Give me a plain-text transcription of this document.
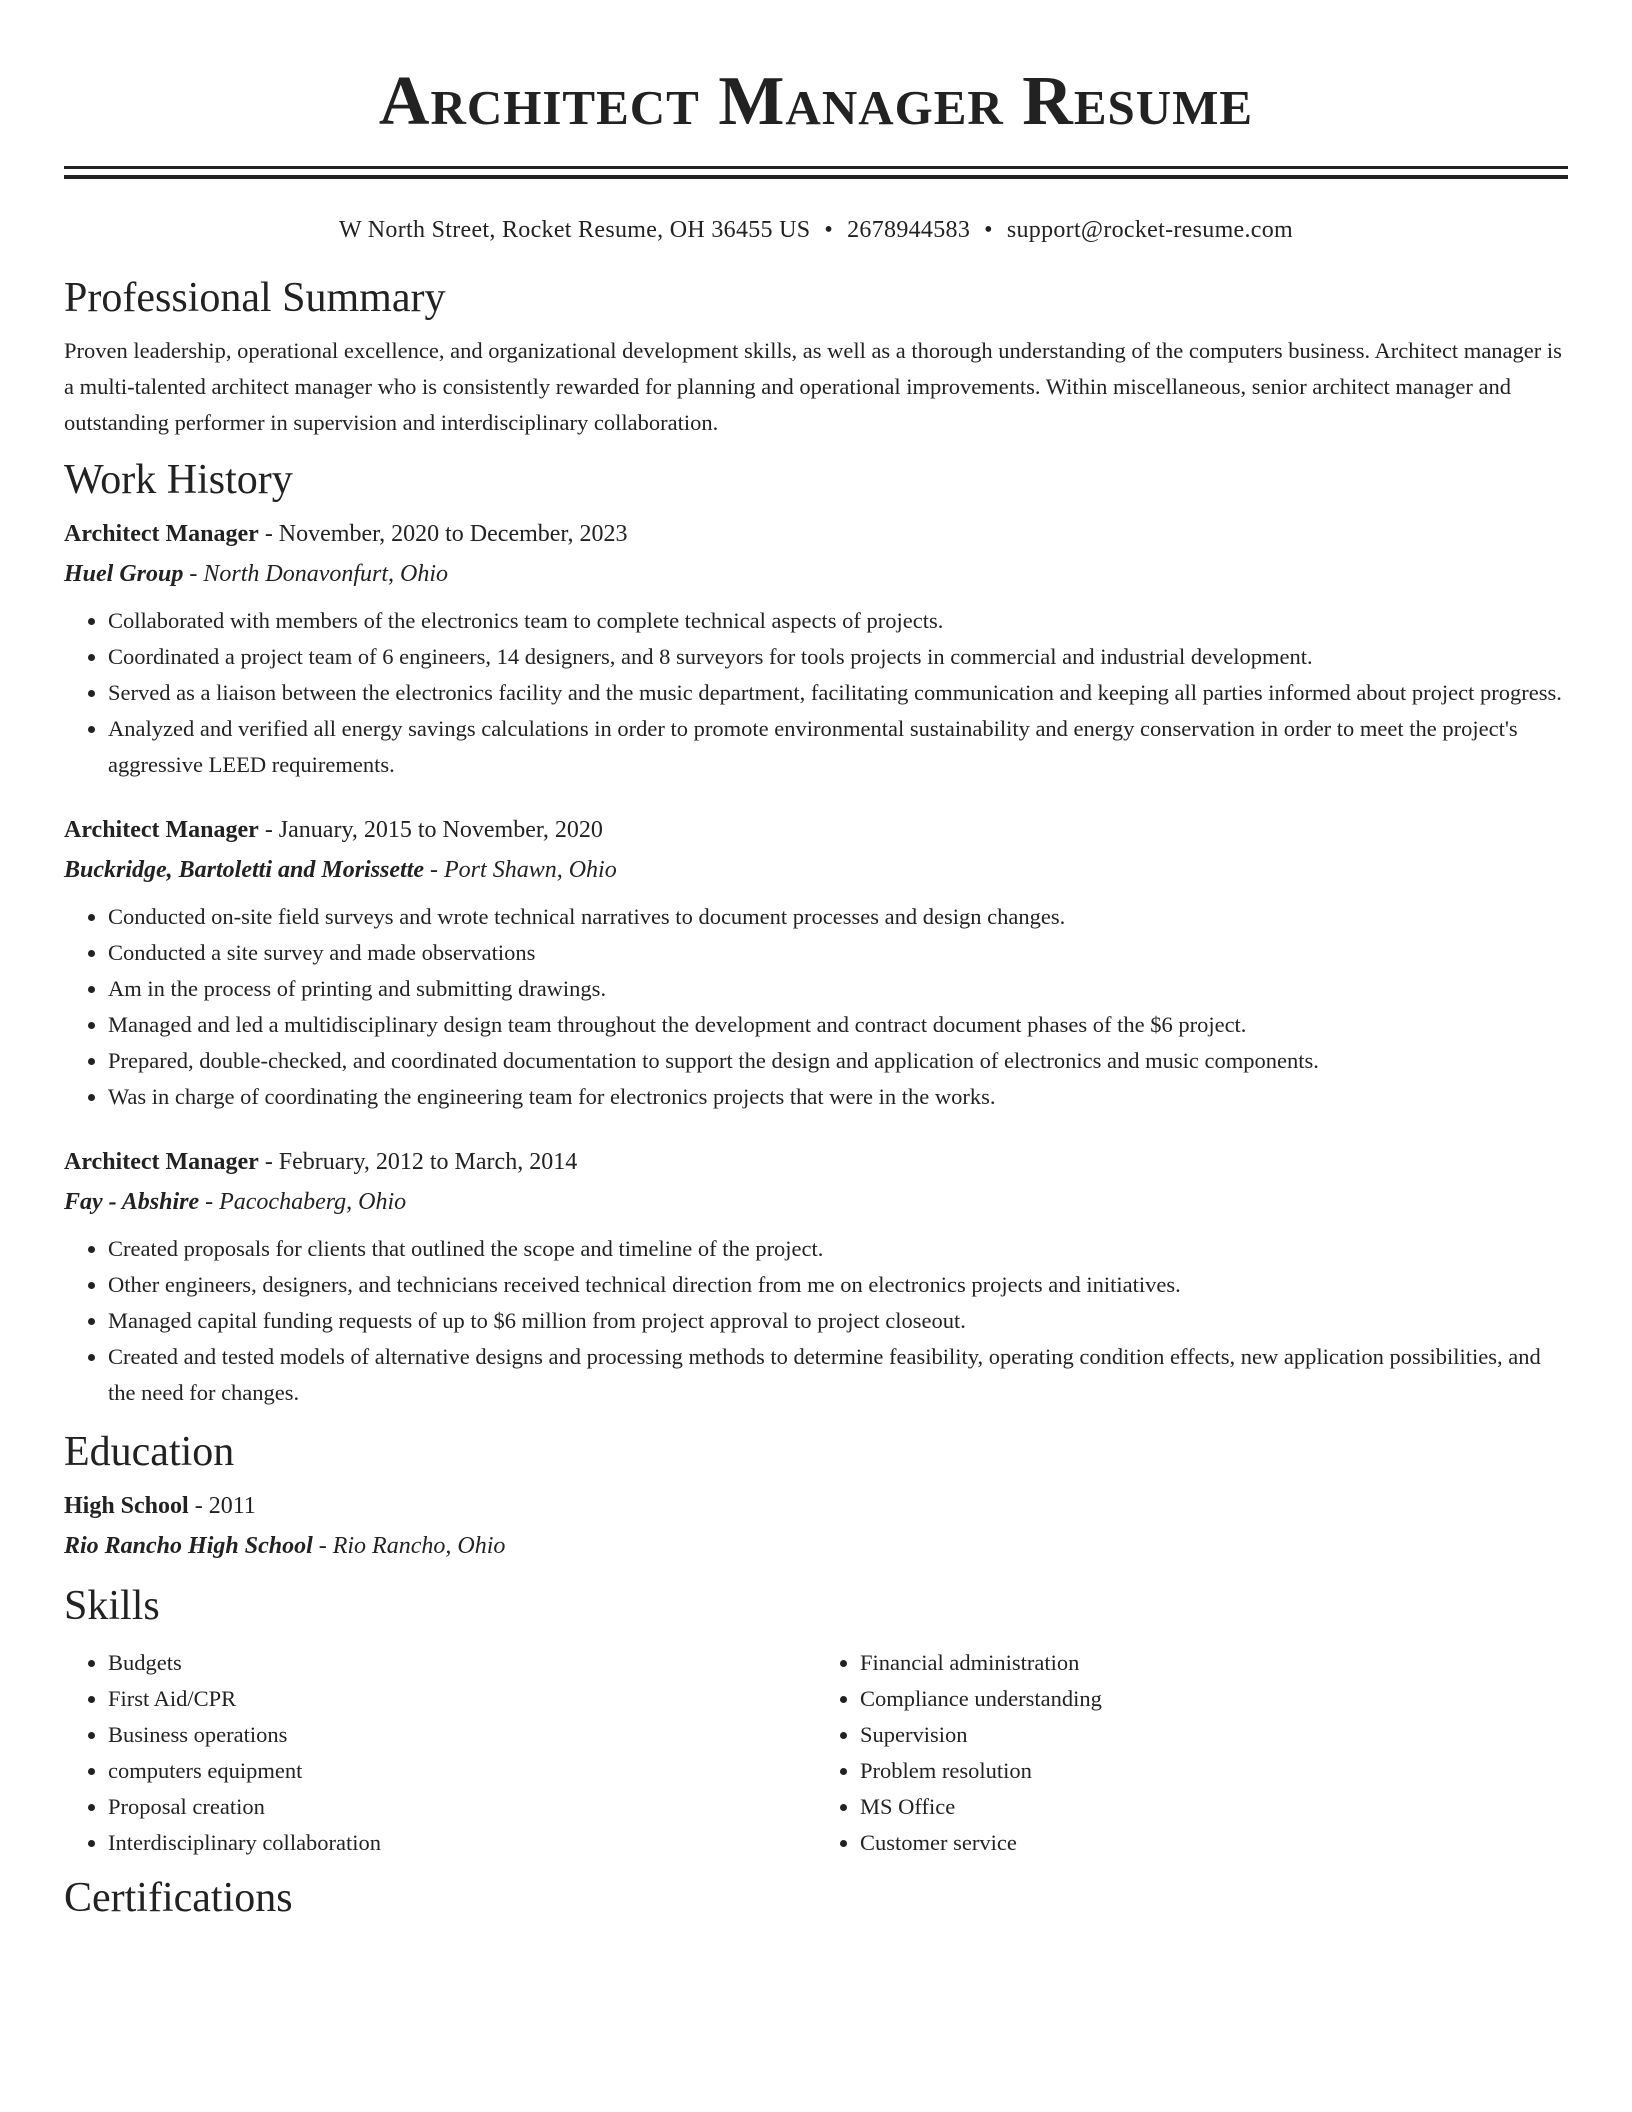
Architect Manager Resume
W North Street, Rocket Resume, OH 36455 US • 2678944583 • support@rocket-resume.com
Professional Summary

Proven leadership, operational excellence, and organizational development skills, as well as a thorough understanding of the computers business. Architect manager is a multi-talented architect manager who is consistently rewarded for planning and operational improvements. Within miscellaneous, senior architect manager and outstanding performer in supervision and interdisciplinary collaboration.

Work History
Architect Manager - November, 2020 to December, 2023
Huel Group - North Donavonfurt, Ohio
• Collaborated with members of the electronics team to complete technical aspects of projects.
• Coordinated a project team of 6 engineers, 14 designers, and 8 surveyors for tools projects in commercial and industrial development.
• Served as a liaison between the electronics facility and the music department, facilitating communication and keeping all parties informed about project progress.
• Analyzed and verified all energy savings calculations in order to promote environmental sustainability and energy conservation in order to meet the project's aggressive LEED requirements.
Architect Manager - January, 2015 to November, 2020
Buckridge, Bartoletti and Morissette - Port Shawn, Ohio
• Conducted on-site field surveys and wrote technical narratives to document processes and design changes.
• Conducted a site survey and made observations
• Am in the process of printing and submitting drawings.
• Managed and led a multidisciplinary design team throughout the development and contract document phases of the $6 project.
• Prepared, double-checked, and coordinated documentation to support the design and application of electronics and music components.
• Was in charge of coordinating the engineering team for electronics projects that were in the works.
Architect Manager - February, 2012 to March, 2014
Fay - Abshire - Pacochaberg, Ohio
• Created proposals for clients that outlined the scope and timeline of the project.
• Other engineers, designers, and technicians received technical direction from me on electronics projects and initiatives.
• Managed capital funding requests of up to $6 million from project approval to project closeout.
• Created and tested models of alternative designs and processing methods to determine feasibility, operating condition effects, new application possibilities, and the need for changes.
Education
High School - 2011
Rio Rancho High School - Rio Rancho, Ohio
Skills
• Budgets
• First Aid/CPR
• Business operations
• computers equipment
• Proposal creation
• Interdisciplinary collaboration
• Financial administration
• Compliance understanding
• Supervision
• Problem resolution
• MS Office
• Customer service
Certifications
